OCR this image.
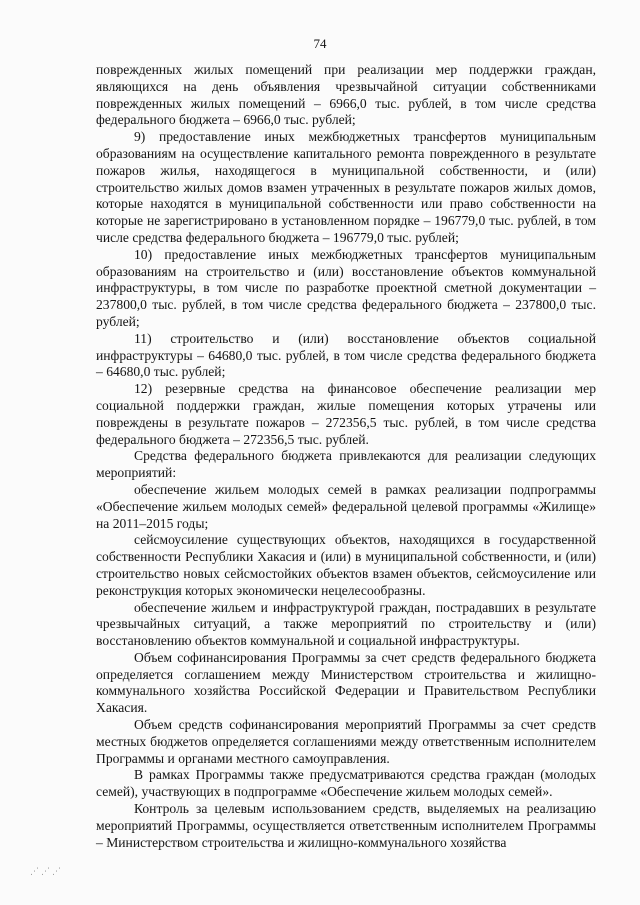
74

поврежденных жилых помещений при реализации мер поддержки граждан, являющихся на день объявления чрезвычайной ситуации собственниками поврежденных жилых помещений – 6966,0 тыс. рублей, в том числе средства федерального бюджета – 6966,0 тыс. рублей;

9) предоставление иных межбюджетных трансфертов муниципальным образованиям на осуществление капитального ремонта поврежденного в результате пожаров жилья, находящегося в муниципальной собственности, и (или) строительство жилых домов взамен утраченных в результате пожаров жилых домов, которые находятся в муниципальной собственности или право собственности на которые не зарегистрировано в установленном порядке – 196779,0 тыс. рублей, в том числе средства федерального бюджета – 196779,0 тыс. рублей;

10) предоставление иных межбюджетных трансфертов муниципальным образованиям на строительство и (или) восстановление объектов коммунальной инфраструктуры, в том числе по разработке проектной сметной документации – 237800,0 тыс. рублей, в том числе средства федерального бюджета – 237800,0 тыс. рублей;

11) строительство и (или) восстановление объектов социальной инфраструктуры – 64680,0 тыс. рублей, в том числе средства федерального бюджета – 64680,0 тыс. рублей;

12) резервные средства на финансовое обеспечение реализации мер социальной поддержки граждан, жилые помещения которых утрачены или повреждены в результате пожаров – 272356,5 тыс. рублей, в том числе средства федерального бюджета – 272356,5 тыс. рублей.

Средства федерального бюджета привлекаются для реализации следующих мероприятий:

обеспечение жильем молодых семей в рамках реализации подпрограммы «Обеспечение жильем молодых семей» федеральной целевой программы «Жилище» на 2011–2015 годы;

сейсмоусиление существующих объектов, находящихся в государственной собственности Республики Хакасия и (или) в муниципальной собственности, и (или) строительство новых сейсмостойких объектов взамен объектов, сейсмоусиление или реконструкция которых экономически нецелесообразны.

обеспечение жильем и инфраструктурой граждан, пострадавших в результате чрезвычайных ситуаций, а также мероприятий по строительству и (или) восстановлению объектов коммунальной и социальной инфраструктуры.

Объем софинансирования Программы за счет средств федерального бюджета определяется соглашением между Министерством строительства и жилищно-коммунального хозяйства Российской Федерации и Правительством Республики Хакасия.

Объем средств софинансирования мероприятий Программы за счет средств местных бюджетов определяется соглашениями между ответственным исполнителем Программы и органами местного самоуправления.

В рамках Программы также предусматриваются средства граждан (молодых семей), участвующих в подпрограмме «Обеспечение жильем молодых семей».

Контроль за целевым использованием средств, выделяемых на реализацию мероприятий Программы, осуществляется ответственным исполнителем Программы – Министерством строительства и жилищно-коммунального хозяйства

⋰⋰⋰
